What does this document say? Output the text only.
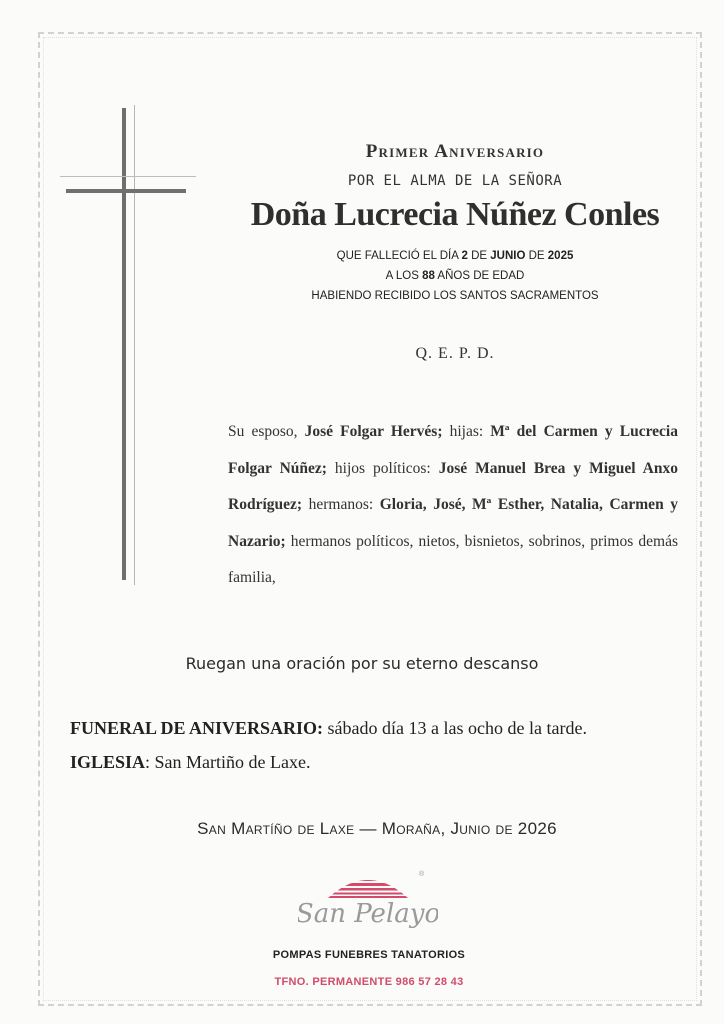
Primer Aniversario
POR EL ALMA DE LA SEÑORA
Doña Lucrecia Núñez Conles
QUE FALLECIÓ EL DÍA 2 DE JUNIO DE 2025
A LOS 88 AÑOS DE EDAD
HABIENDO RECIBIDO LOS SANTOS SACRAMENTOS
Q. E. P. D.
Su esposo, José Folgar Hervés; hijas: Mª del Carmen y Lucrecia Folgar Núñez; hijos políticos: José Manuel Brea y Miguel Anxo Rodríguez; hermanos: Gloria, José, Mª Esther, Natalia, Carmen y Nazario; hermanos políticos, nietos, bisnietos, sobrinos, primos demás familia,
Ruegan una oración por su eterno descanso
FUNERAL DE ANIVERSARIO: sábado día 13 a las ocho de la tarde.
IGLESIA: San Martiño de Laxe.
San Martíño de Laxe — Moraña, Junio de 2026
®
San Pelayo
POMPAS FUNEBRES TANATORIOS
TFNO. PERMANENTE 986 57 28 43
